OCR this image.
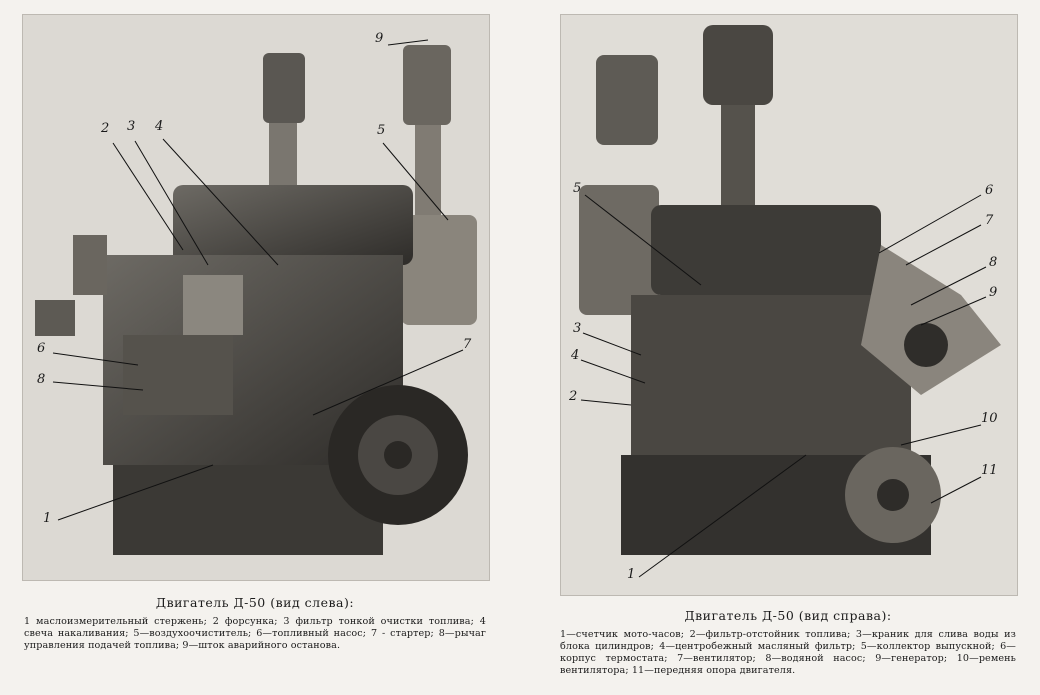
2 3 4	5
9
6
8
7
1
Двигатель Д-50 (вид слева):
1 маслоизмерительный стержень; 2 форсунка; 3 фильтр тонкой очистки топлива; 4 свеча накаливания; 5—воздухоочиститель; 6—топливный насос; 7 - стартер; 8—рычаг управления подачей топлива; 9—шток аварийного останова.
5	6
7
8
9
3
4
2
10
11
1
Двигатель Д-50 (вид справа):
1—счетчик мото-часов; 2—фильтр-отстойник топлива; 3—краник для слива воды из блока цилиндров; 4—центробежный масляный фильтр; 5—коллектор выпускной; 6—корпус термостата; 7—вентилятор; 8—водяной насос; 9—генератор; 10—ремень вентилятора; 11—передняя опора двигателя.
